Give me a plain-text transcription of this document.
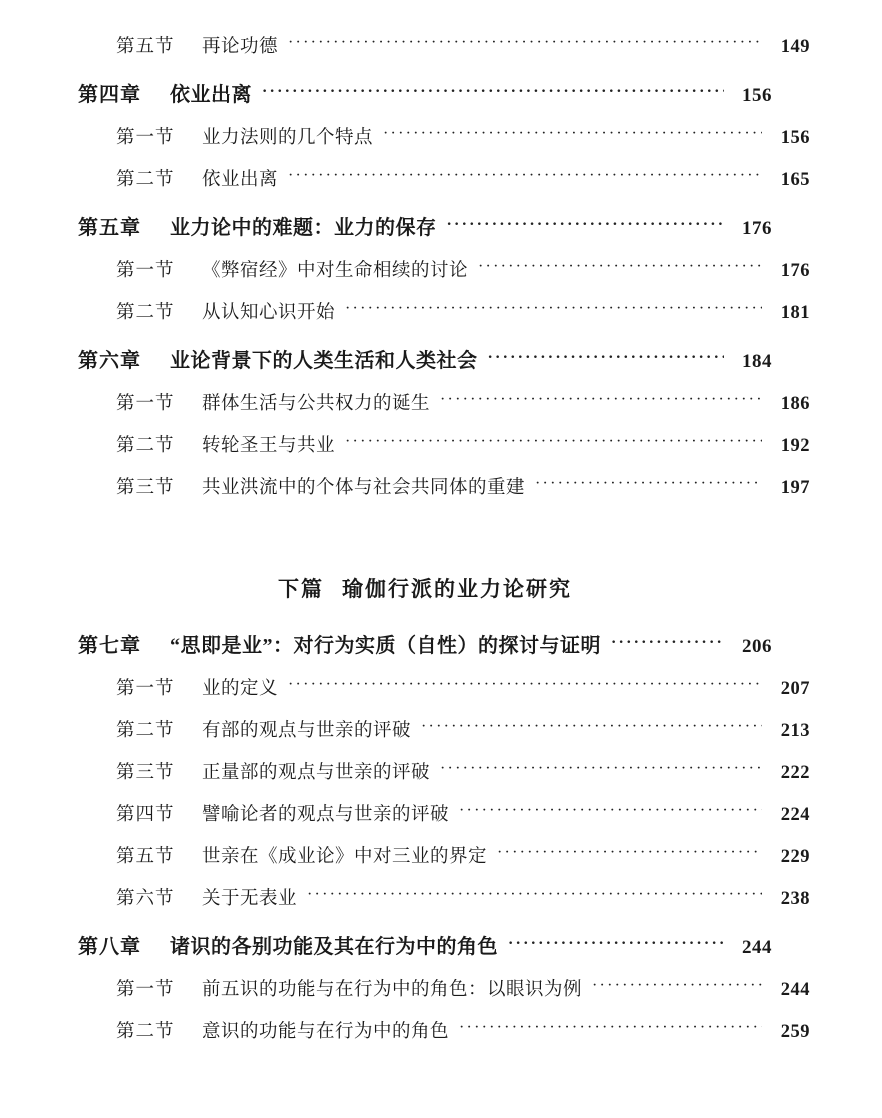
第五节	再论功德 ·····	149
第四章	依业出离 ·····	156
第一节	业力法则的几个特点 ·····	156
第二节	依业出离 ·····	165
第五章	业力论中的难题：业力的保存 ·····	176
第一节	《弊宿经》中对生命相续的讨论 ·····	176
第二节	从认知心识开始 ·····	181
第六章	业论背景下的人类生活和人类社会 ·····	184
第一节	群体生活与公共权力的诞生 ·····	186
第二节	转轮圣王与共业 ·····	192
第三节	共业洪流中的个体与社会共同体的重建 ·····	197
下篇 瑜伽行派的业力论研究
第七章	“思即是业”：对行为实质（自性）的探讨与证明 ·····	206
第一节	业的定义 ·····	207
第二节	有部的观点与世亲的评破 ·····	213
第三节	正量部的观点与世亲的评破 ·····	222
第四节	譬喻论者的观点与世亲的评破 ·····	224
第五节	世亲在《成业论》中对三业的界定 ·····	229
第六节	关于无表业 ·····	238
第八章	诸识的各别功能及其在行为中的角色 ·····	244
第一节	前五识的功能与在行为中的角色：以眼识为例 ·····	244
第二节	意识的功能与在行为中的角色 ·····	259
